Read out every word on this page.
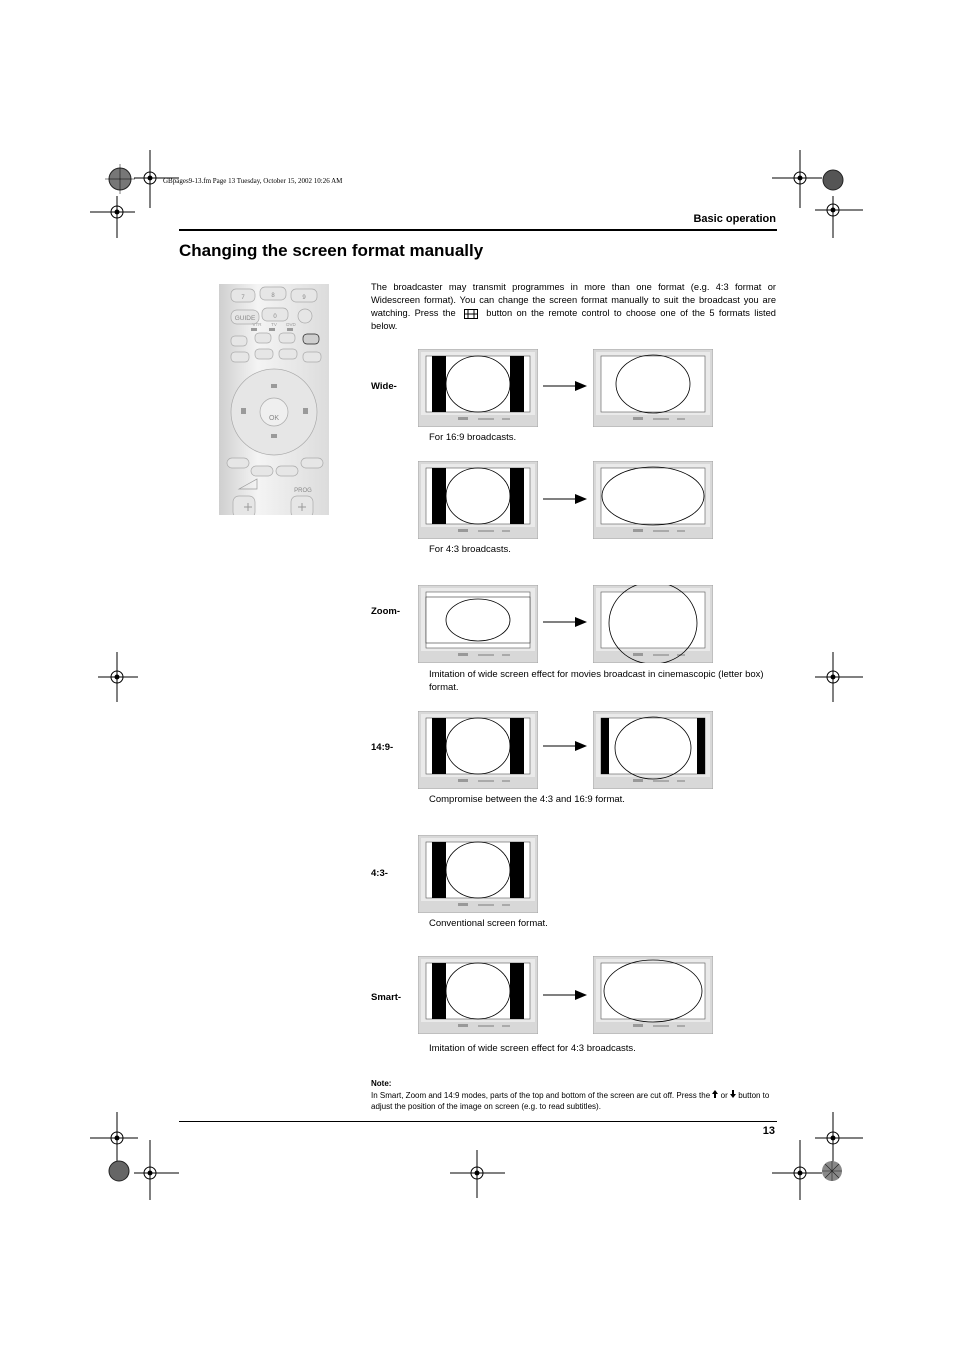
GBpages9-13.fm Page 13 Tuesday, October 15, 2002 10:26 AM
Basic operation
Changing the screen format manually
7	8	9
GUIDE	0
VTR TV DVD
OK
PROG
The broadcaster may transmit programmes in more than one format (e.g. 4:3 format or Widescreen format). You can change the screen format manually to suit the broadcast you are watching. Press the	button on the remote control to choose one of the 5 formats listed below.
Wide-
For 16:9 broadcasts.
For 4:3 broadcasts.
Zoom-
Imitation of wide screen effect for movies broadcast in cinemascopic (letter box) format.
14:9-
Compromise between the 4:3 and 16:9 format.
4:3-
Conventional screen format.
Smart-
Imitation of wide screen effect for 4:3 broadcasts.
Note:
In Smart, Zoom and 14:9 modes, parts of the top and bottom of the screen are cut off. Press the or button to adjust the position of the image on screen (e.g. to read subtitles).
13
